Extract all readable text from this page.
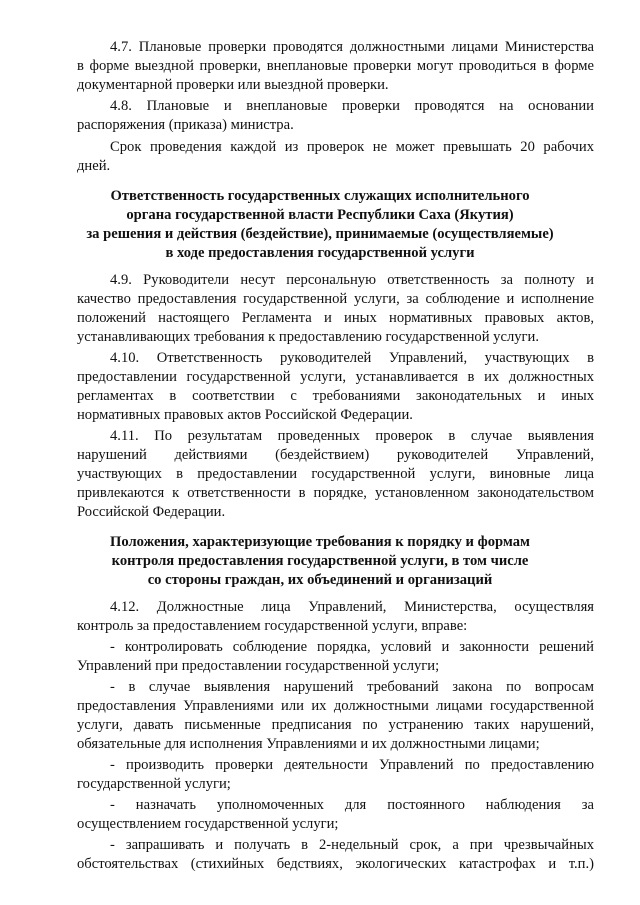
4.7. Плановые проверки проводятся должностными лицами Министерства
в форме выездной проверки, внеплановые проверки могут проводиться в форме
документарной проверки или выездной проверки.
4.8. Плановые и внеплановые проверки проводятся на основании
распоряжения (приказа) министра.
Срок проведения каждой из проверок не может превышать 20 рабочих
дней.
Ответственность государственных служащих исполнительного
органа государственной власти Республики Саха (Якутия)
за решения и действия (бездействие), принимаемые (осуществляемые)
в ходе предоставления государственной услуги
4.9. Руководители несут персональную ответственность за полноту и
качество предоставления государственной услуги, за соблюдение и исполнение
положений настоящего Регламента и иных нормативных правовых актов,
устанавливающих требования к предоставлению государственной услуги.
4.10. Ответственность руководителей Управлений, участвующих в
предоставлении государственной услуги, устанавливается в их должностных
регламентах в соответствии с требованиями законодательных и иных
нормативных правовых актов Российской Федерации.
4.11. По результатам проведенных проверок в случае выявления
нарушений действиями (бездействием) руководителей Управлений,
участвующих в предоставлении государственной услуги, виновные лица
привлекаются к ответственности в порядке, установленном законодательством
Российской Федерации.
Положения, характеризующие требования к порядку и формам
контроля предоставления государственной услуги, в том числе
со стороны граждан, их объединений и организаций
4.12. Должностные лица Управлений, Министерства, осуществляя
контроль за предоставлением государственной услуги, вправе:
- контролировать соблюдение порядка, условий и законности решений
Управлений при предоставлении государственной услуги;
- в случае выявления нарушений требований закона по вопросам
предоставления Управлениями или их должностными лицами государственной
услуги, давать письменные предписания по устранению таких нарушений,
обязательные для исполнения Управлениями и их должностными лицами;
- производить проверки деятельности Управлений по предоставлению
государственной услуги;
- назначать уполномоченных для постоянного наблюдения за
осуществлением государственной услуги;
- запрашивать и получать в 2-недельный срок, а при чрезвычайных
обстоятельствах (стихийных бедствиях, экологических катастрофах и т.п.)
